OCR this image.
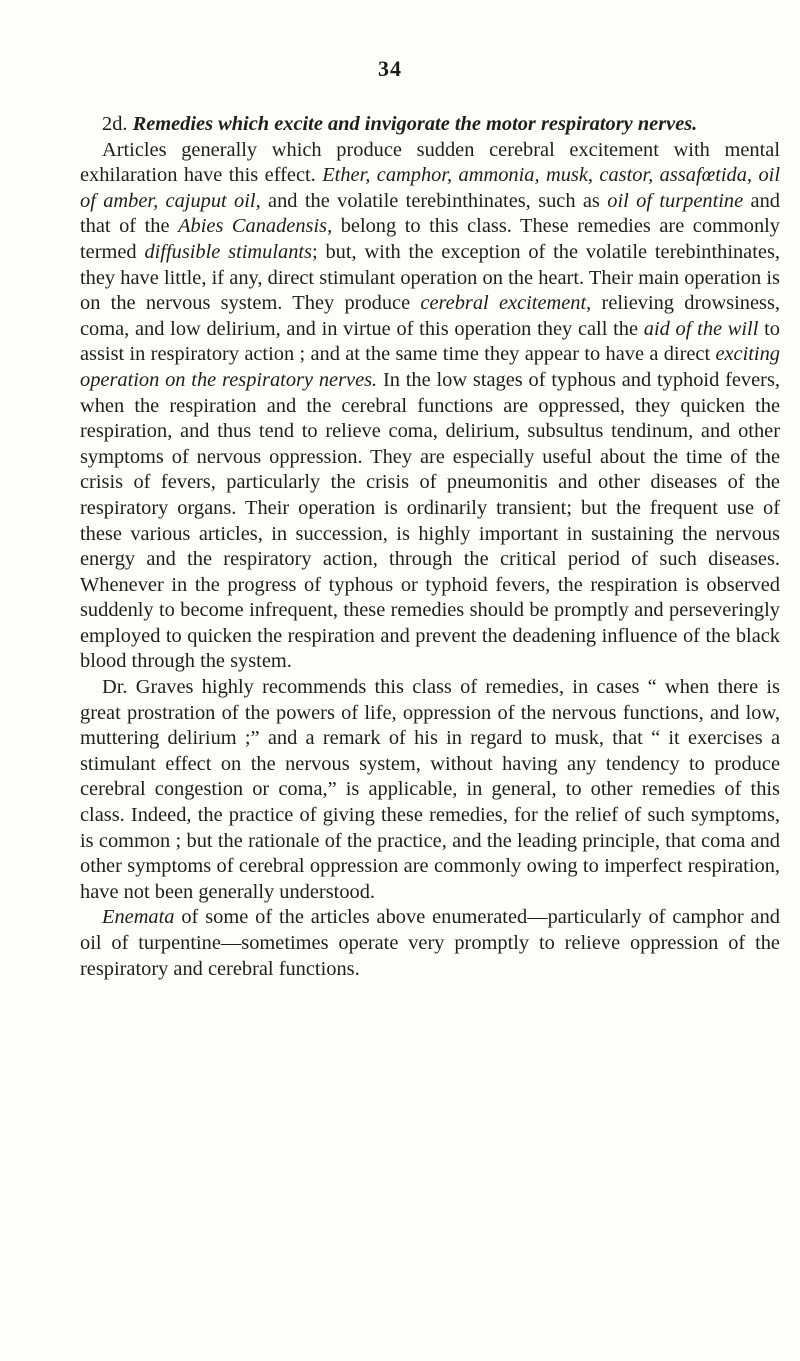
34

2d. Remedies which excite and invigorate the motor respiratory nerves.

Articles generally which produce sudden cerebral excitement with mental exhilaration have this effect. Ether, camphor, ammonia, musk, castor, assafœtida, oil of amber, cajuput oil, and the volatile terebinthinates, such as oil of turpentine and that of the Abies Canadensis, belong to this class. These remedies are commonly termed diffusible stimulants; but, with the exception of the volatile terebinthinates, they have little, if any, direct stimulant operation on the heart. Their main operation is on the nervous system. They produce cerebral excitement, relieving drowsiness, coma, and low delirium, and in virtue of this operation they call the aid of the will to assist in respiratory action ; and at the same time they appear to have a direct exciting operation on the respiratory nerves. In the low stages of typhous and typhoid fevers, when the respiration and the cerebral functions are oppressed, they quicken the respiration, and thus tend to relieve coma, delirium, subsultus tendinum, and other symptoms of nervous oppression. They are especially useful about the time of the crisis of fevers, particularly the crisis of pneumonitis and other diseases of the respiratory organs. Their operation is ordinarily transient; but the frequent use of these various articles, in succession, is highly important in sustaining the nervous energy and the respiratory action, through the critical period of such diseases. Whenever in the progress of typhous or typhoid fevers, the respiration is observed suddenly to become infrequent, these remedies should be promptly and perseveringly employed to quicken the respiration and prevent the deadening influence of the black blood through the system.

Dr. Graves highly recommends this class of remedies, in cases “ when there is great prostration of the powers of life, oppression of the nervous functions, and low, muttering delirium ;” and a remark of his in regard to musk, that “ it exercises a stimulant effect on the nervous system, without having any tendency to produce cerebral congestion or coma,” is applicable, in general, to other remedies of this class. Indeed, the practice of giving these remedies, for the relief of such symptoms, is common ; but the rationale of the practice, and the leading principle, that coma and other symptoms of cerebral oppression are commonly owing to imperfect respiration, have not been generally understood.

Enemata of some of the articles above enumerated—particularly of camphor and oil of turpentine—sometimes operate very promptly to relieve oppression of the respiratory and cerebral functions.
